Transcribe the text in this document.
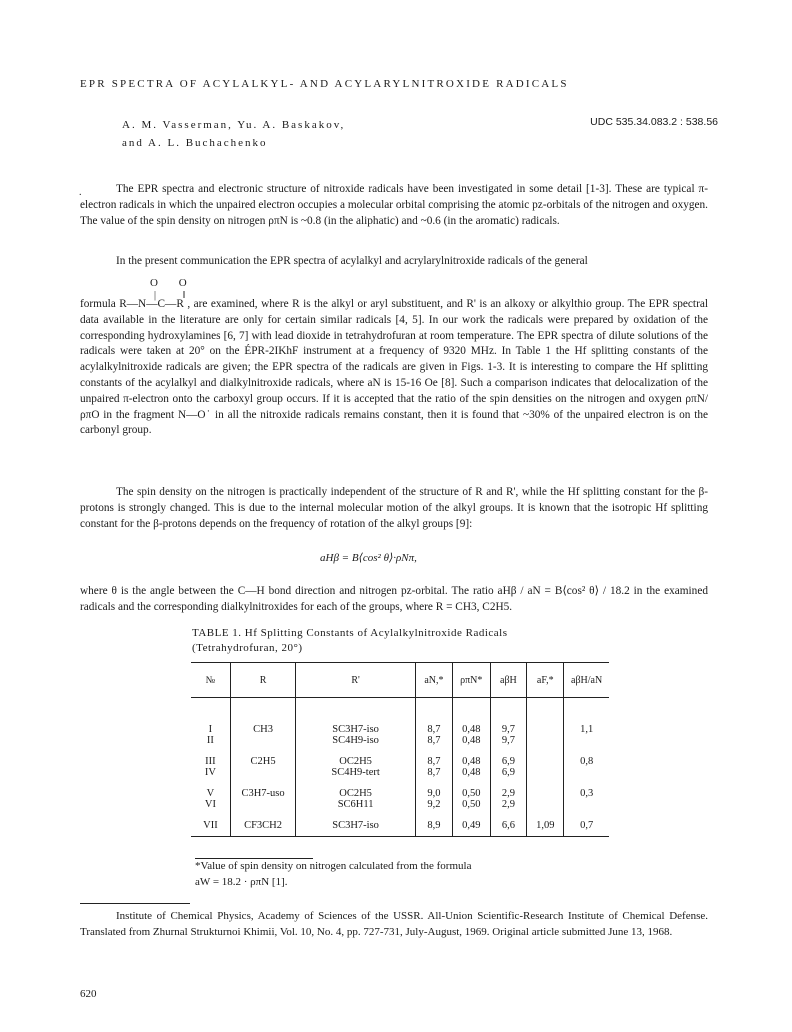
EPR SPECTRA OF ACYLALKYL- AND ACYLARYLNITROXIDE RADICALS
A. M. Vasserman, Yu. A. Baskakov,
and A. L. Buchachenko
UDC 535.34.083.2 : 538.56
.	The EPR spectra and electronic structure of nitroxide radicals have been investigated in some detail [1-3]. These are typical π-electron radicals in which the unpaired electron occupies a molecular orbital comprising the atomic pz-orbitals of the nitrogen and oxygen. The value of the spin density on nitrogen ρπN is ~0.8 (in the aliphatic) and ~0.6 (in the aromatic) radicals.

In the present communication the EPR spectra of acylalkyl and acrylarylnitroxide radicals of the general

O O
| ‖

formula R—N—C—R , are examined, where R is the alkyl or aryl substituent, and R' is an alkoxy or alkylthio group. The EPR spectral data available in the literature are only for certain similar radicals [4, 5]. In our work the radicals were prepared by oxidation of the corresponding hydroxylamines [6, 7] with lead dioxide in tetrahydrofuran at room temperature. The EPR spectra of dilute solutions of the radicals were taken at 20° on the ÉPR-2IKhF instrument at a frequency of 9320 MHz. In Table 1 the Hf splitting constants of the acylalkylnitroxide radicals are given; the EPR spectra of the radicals are given in Figs. 1-3. It is interesting to compare the Hf splitting constants of the acylalkyl and dialkylnitroxide radicals, where aN is 15-16 Oe [8]. Such a comparison indicates that delocalization of the unpaired π-electron onto the carboxyl group occurs. If it is accepted that the ratio of the spin densities on the nitrogen and oxygen ρπN/ρπO in the fragment N—O˙ in all the nitroxide radicals remains constant, then it is found that ~30% of the unpaired electron is on the carbonyl group.

The spin density on the nitrogen is practically independent of the structure of R and R', while the Hf splitting constant for the β-protons is strongly changed. This is due to the internal molecular motion of the alkyl groups. It is known that the isotropic Hf splitting constant for the β-protons depends on the frequency of rotation of the alkyl groups [9]:

aHβ = B⟨cos² θ⟩·ρNπ,

where θ is the angle between the C—H bond direction and nitrogen pz-orbital. The ratio aHβ / aN = B⟨cos² θ⟩ / 18.2 in the examined radicals and the corresponding dialkylnitroxides for each of the groups, where R = CH3, C2H5.

TABLE 1. Hf Splitting Constants of Acylalkylnitroxide Radicals
(Tetrahydrofuran, 20°)
№	R	R'	aN,*	ρπN*	aβH	aF,*	aβH/aN
I	CH3	SC3H7-iso	8,7	0,48	9,7		1,1
II		SC4H9-iso	8,7	0,48	9,7		
III	C2H5	OC2H5	8,7	0,48	6,9		0,8
IV		SC4H9-tert	8,7	0,48	6,9		
V	C3H7-uso	OC2H5	9,0	0,50	2,9		0,3
VI		SC6H11	9,2	0,50	2,9		
VII	CF3CH2	SC3H7-iso	8,9	0,49	6,6	1,09	0,7
*Value of spin density on nitrogen calculated from the formula
aW = 18.2 · ρπN [1].

Institute of Chemical Physics, Academy of Sciences of the USSR. All-Union Scientific-Research Institute of Chemical Defense. Translated from Zhurnal Strukturnoi Khimii, Vol. 10, No. 4, pp. 727-731, July-August, 1969. Original article submitted June 13, 1968.

620
